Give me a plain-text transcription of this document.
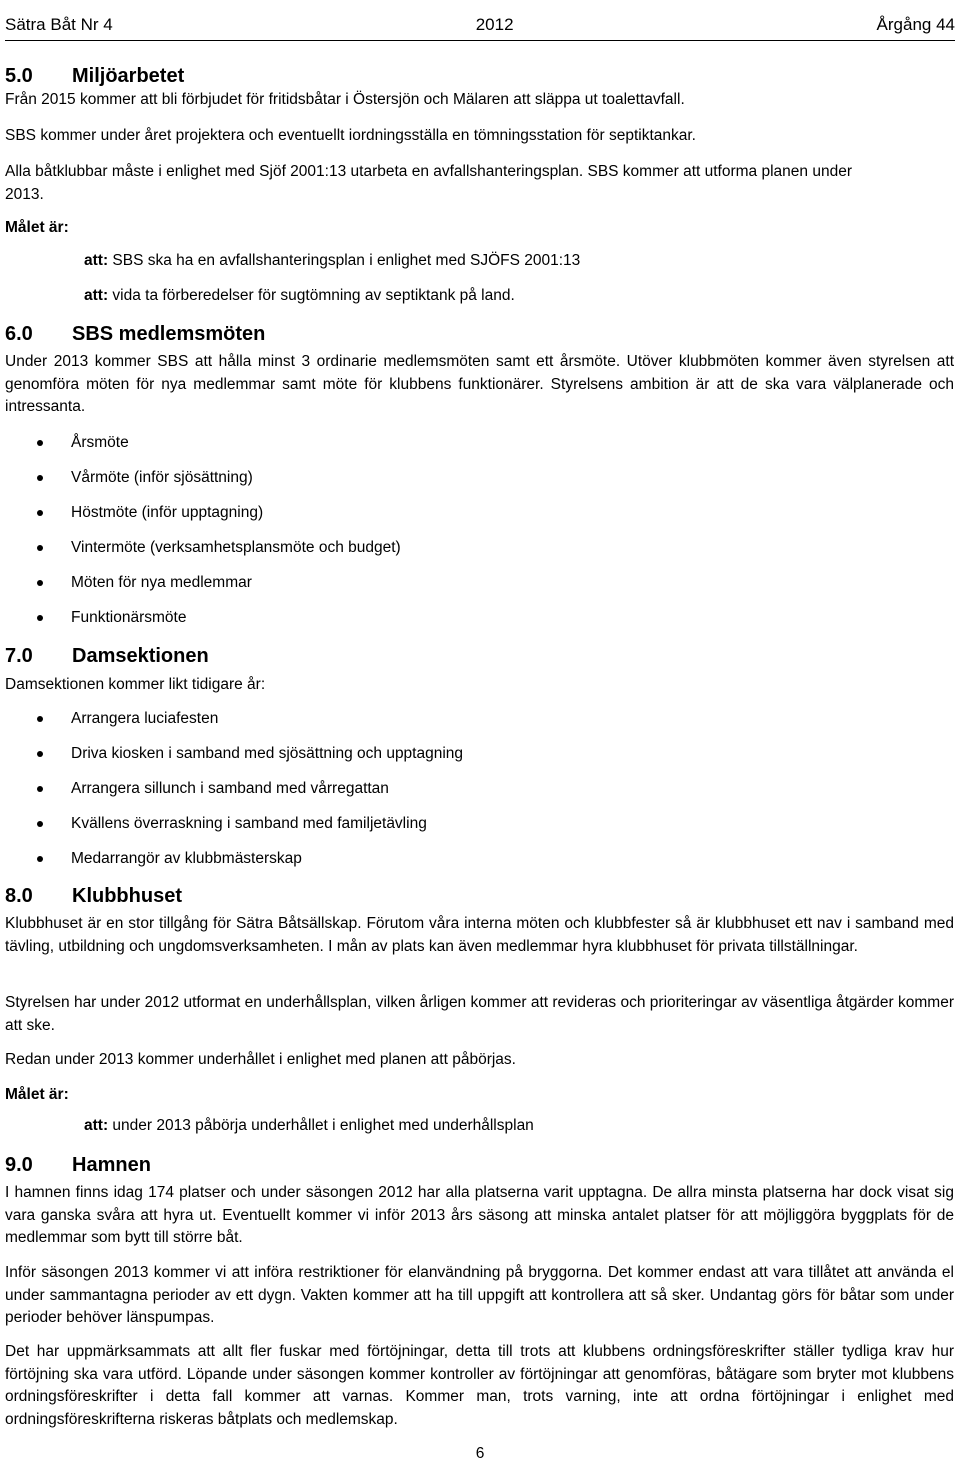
Sätra Båt Nr 4	2012	Årgång 44
5.0	Miljöarbetet
Från 2015 kommer att bli förbjudet för fritidsbåtar i Östersjön och Mälaren att släppa ut toalettavfall.
SBS kommer under året projektera och eventuellt iordningsställa en tömningsstation för septiktankar.
Alla båtklubbar måste i enlighet med Sjöf 2001:13 utarbeta en avfallshanteringsplan. SBS kommer att utforma planen under
2013.
Målet är:
att: SBS ska ha en avfallshanteringsplan i enlighet med SJÖFS 2001:13
att: vida ta förberedelser för sugtömning av septiktank på land.
6.0	SBS medlemsmöten
Under 2013 kommer SBS att hålla minst 3 ordinarie medlemsmöten samt ett årsmöte. Utöver klubbmöten kommer även styrelsen att genomföra möten för nya medlemmar samt möte för klubbens funktionärer. Styrelsens ambition är att de ska vara välplanerade och intressanta.
Årsmöte
Vårmöte (inför sjösättning)
Höstmöte (inför upptagning)
Vintermöte (verksamhetsplansmöte och budget)
Möten för nya medlemmar
Funktionärsmöte
7.0	Damsektionen
Damsektionen kommer likt tidigare år:
Arrangera luciafesten
Driva kiosken i samband med sjösättning och upptagning
Arrangera sillunch i samband med vårregattan
Kvällens överraskning i samband med familjetävling
Medarrangör av klubbmästerskap
8.0	Klubbhuset
Klubbhuset är en stor tillgång för Sätra Båtsällskap. Förutom våra interna möten och klubbfester så är klubbhuset ett nav i samband med tävling, utbildning och ungdomsverksamheten. I mån av plats kan även medlemmar hyra klubbhuset för privata tillställningar.
Styrelsen har under 2012 utformat en underhållsplan, vilken årligen kommer att revideras och prioriteringar av väsentliga åtgärder kommer att ske.
Redan under 2013 kommer underhållet i enlighet med planen att påbörjas.
Målet är:
att: under 2013 påbörja underhållet i enlighet med underhållsplan
9.0	Hamnen
I hamnen finns idag 174 platser och under säsongen 2012 har alla platserna varit upptagna. De allra minsta platserna har dock visat sig vara ganska svåra att hyra ut. Eventuellt kommer vi inför 2013 års säsong att minska antalet platser för att möjliggöra byggplats för de medlemmar som bytt till större båt.
Inför säsongen 2013 kommer vi att införa restriktioner för elanvändning på bryggorna. Det kommer endast att vara tillåtet att använda el under sammantagna perioder av ett dygn. Vakten kommer att ha till uppgift att kontrollera att så sker. Undantag görs för båtar som under perioder behöver länspumpas.
Det har uppmärksammats att allt fler fuskar med förtöjningar, detta till trots att klubbens ordningsföreskrifter ställer tydliga krav hur förtöjning ska vara utförd. Löpande under säsongen kommer kontroller av förtöjningar att genomföras, båtägare som bryter mot klubbens ordningsföreskrifter i detta fall kommer att varnas. Kommer man, trots varning, inte att ordna förtöjningar i enlighet med ordningsföreskrifterna riskeras båtplats och medlemskap.
6
